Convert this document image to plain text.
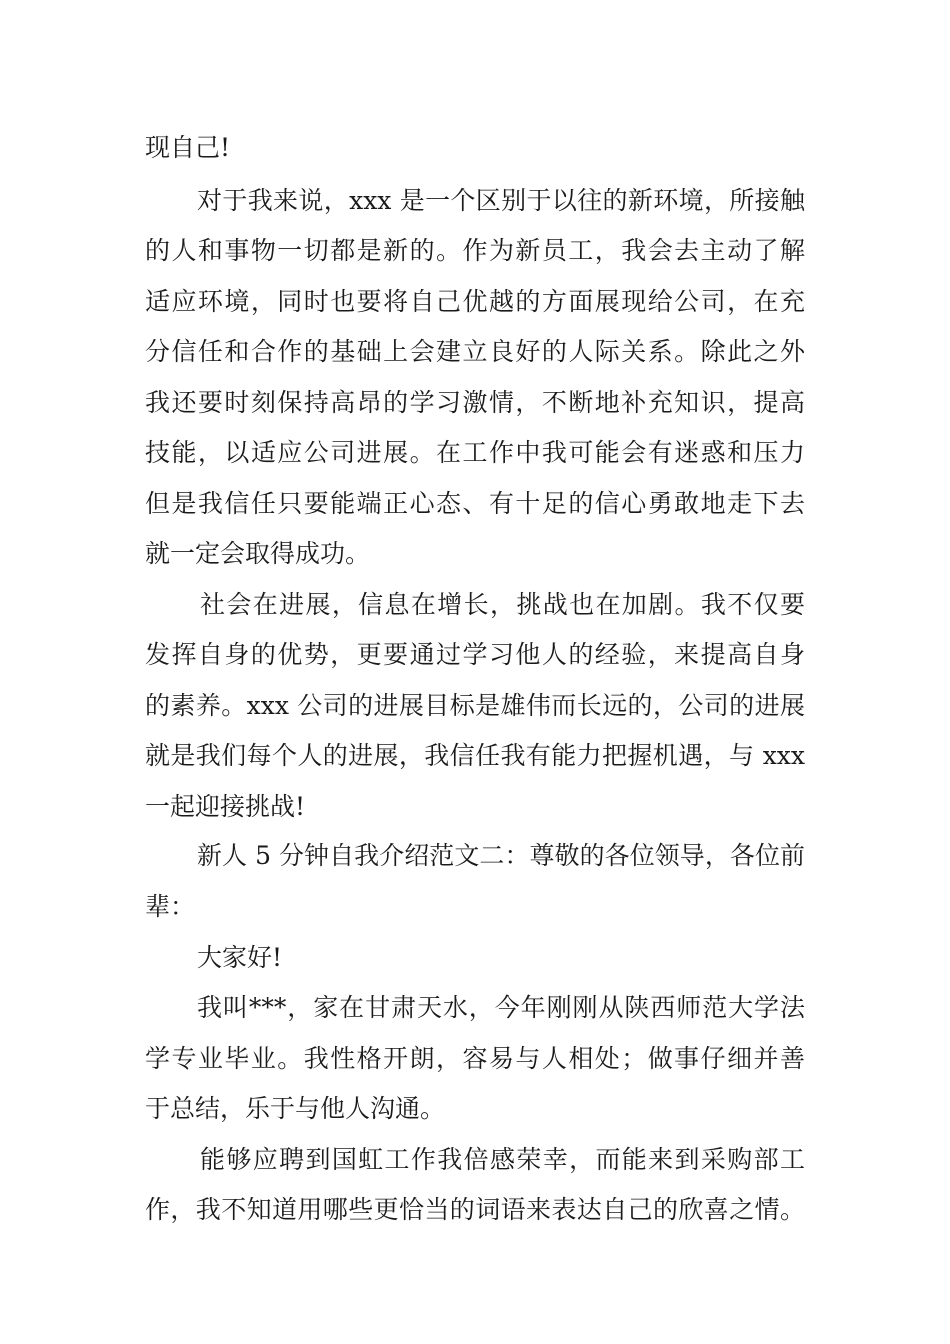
现自己!
对于我来说，xxx 是一个区别于以往的新环境，所接触
的人和事物一切都是新的。作为新员工，我会去主动了解
适应环境，同时也要将自己优越的方面展现给公司，在充
分信任和合作的基础上会建立良好的人际关系。除此之外
我还要时刻保持高昂的学习激情，不断地补充知识，提高
技能，以适应公司进展。在工作中我可能会有迷惑和压力
但是我信任只要能端正心态、有十足的信心勇敢地走下去
就一定会取得成功。
社会在进展，信息在增长，挑战也在加剧。我不仅要
发挥自身的优势，更要通过学习他人的经验，来提高自身
的素养。xxx 公司的进展目标是雄伟而长远的，公司的进展
就是我们每个人的进展，我信任我有能力把握机遇，与 xxx
一起迎接挑战!
新人 5 分钟自我介绍范文二：尊敬的各位领导，各位前
辈：
大家好!
我叫***，家在甘肃天水，今年刚刚从陕西师范大学法
学专业毕业。我性格开朗，容易与人相处；做事仔细并善
于总结，乐于与他人沟通。
能够应聘到国虹工作我倍感荣幸，而能来到采购部工
作，我不知道用哪些更恰当的词语来表达自己的欣喜之情。
